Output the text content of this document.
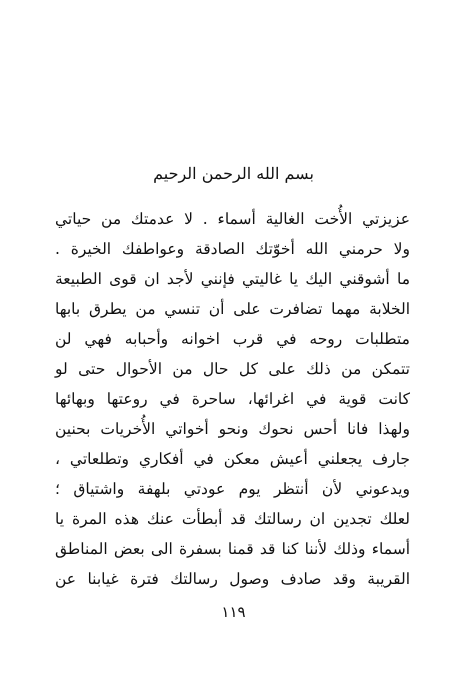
بسم الله الرحمن الرحيم
عزيزتي الأُخت الغالية أسماء . لا عدمتك من حياتي
ولا حرمني الله أخوّتك الصادقة وعواطفك الخيرة .
ما أشوقني اليك يا غاليتي فإنني لأجد ان قوى الطبيعة
الخلابة مهما تضافرت على أن تنسي من يطرق بابها
متطلبات روحه في قرب اخوانه وأحبابه فهي لن
تتمكن من ذلك على كل حال من الأحوال حتى لو
كانت قوية في اغرائها، ساحرة في روعتها وبهائها
ولهذا فانا أحس نحوك ونحو أخواتي الأُخريات بحنين
جارف يجعلني أعيش معكن في أفكاري وتطلعاتي ،
ويدعوني لأن أنتظر يوم عودتي بلهفة واشتياق ؛
لعلك تجدين ان رسالتك قد أبطأت عنك هذه المرة يا
أسماء وذلك لأننا كنا قد قمنا بسفرة الى بعض المناطق
القريبة وقد صادف وصول رسالتك فترة غيابنا عن
١١٩
